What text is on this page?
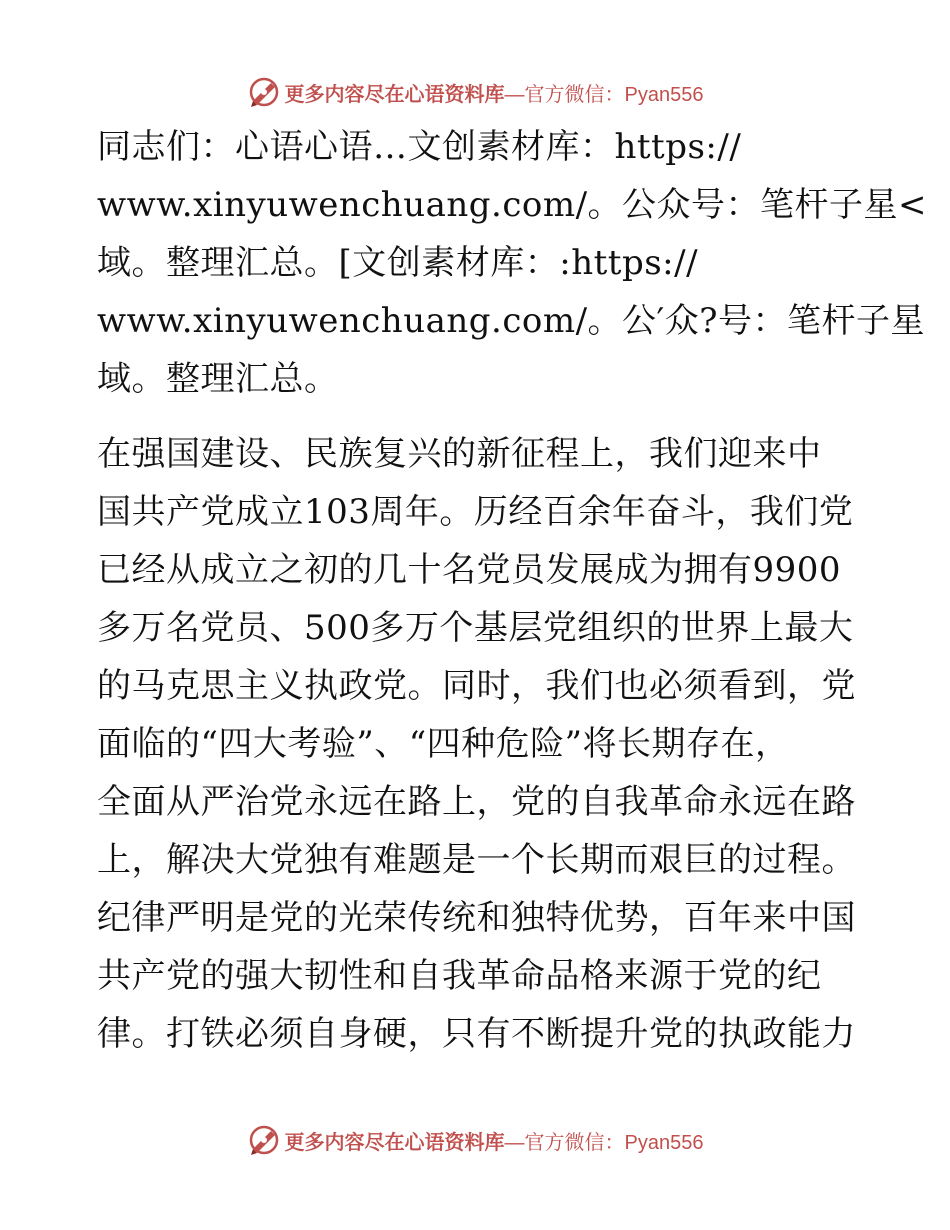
更多内容尽在心语资料库 —官方微信：Pyan556
同志们：心语心语…文创素材库：https://
www.xinyuwenchuang.com/。公众号：笔杆子星<
域。整理汇总。[文创素材库：:https://
www.xinyuwenchuang.com/。公′众?号：笔杆子星
域。整理汇总。
在强国建设、民族复兴的新征程上，我们迎来中
国共产党成立103周年。历经百余年奋斗，我们党
已经从成立之初的几十名党员发展成为拥有9900
多万名党员、500多万个基层党组织的世界上最大
的马克思主义执政党。同时，我们也必须看到，党
面临的“四大考验”、“四种危险”将长期存在，
全面从严治党永远在路上，党的自我革命永远在路
上，解决大党独有难题是一个长期而艰巨的过程。
纪律严明是党的光荣传统和独特优势，百年来中国
共产党的强大韧性和自我革命品格来源于党的纪
律。打铁必须自身硬，只有不断提升党的执政能力
更多内容尽在心语资料库 —官方微信：Pyan556
